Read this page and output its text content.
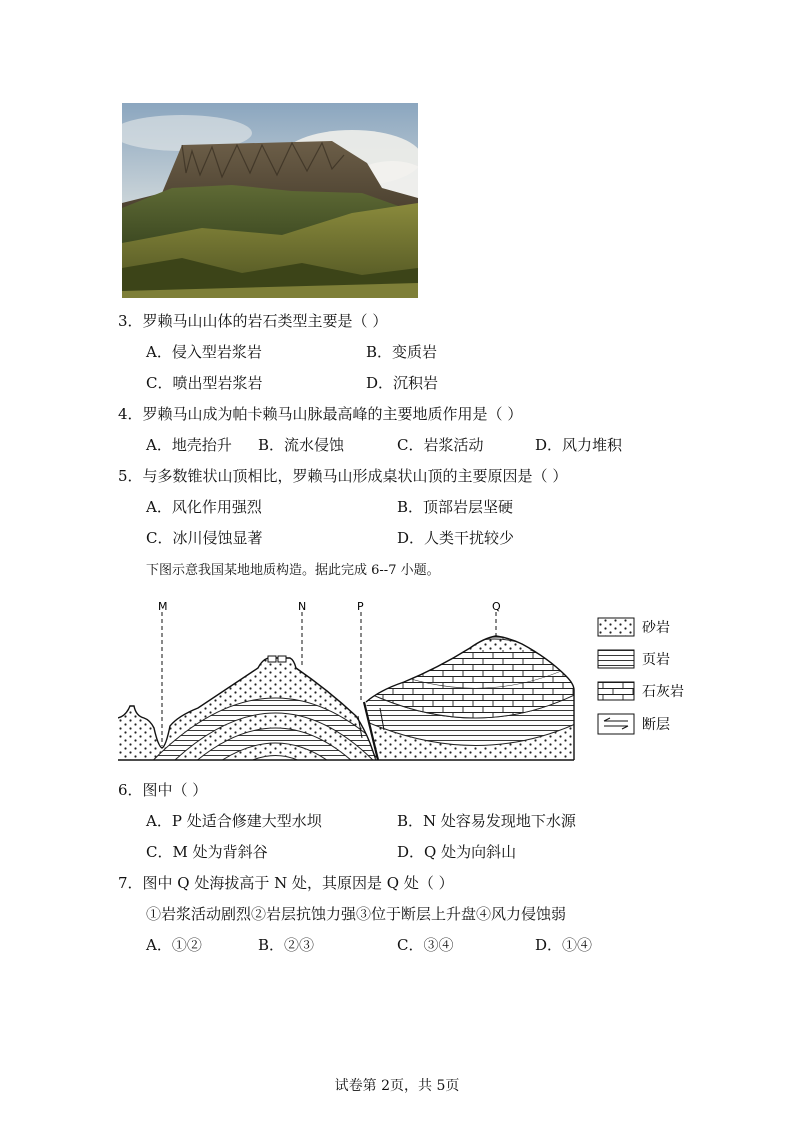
3．罗赖马山山体的岩石类型主要是（ ）
A．侵入型岩浆岩	B．变质岩
C．喷出型岩浆岩	D．沉积岩
4．罗赖马山成为帕卡赖马山脉最高峰的主要地质作用是（ ）
A．地壳抬升 B．流水侵蚀	C．岩浆活动	D．风力堆积
5．与多数锥状山顶相比，罗赖马山形成桌状山顶的主要原因是（ ）
A．风化作用强烈	B．顶部岩层坚硬
C．冰川侵蚀显著	D．人类干扰较少
下图示意我国某地地质构造。据此完成 6--7 小题。
M	N	P	Q
砂岩
页岩
石灰岩
断层
6．图中（ ）
A．P 处适合修建大型水坝	B．N 处容易发现地下水源
C．M 处为背斜谷	D．Q 处为向斜山
7．图中 Q 处海拔高于 N 处，其原因是 Q 处（ ）
①岩浆活动剧烈②岩层抗蚀力强③位于断层上升盘④风力侵蚀弱
A．①②	B．②③	C．③④	D．①④
试卷第 2页，共 5页
